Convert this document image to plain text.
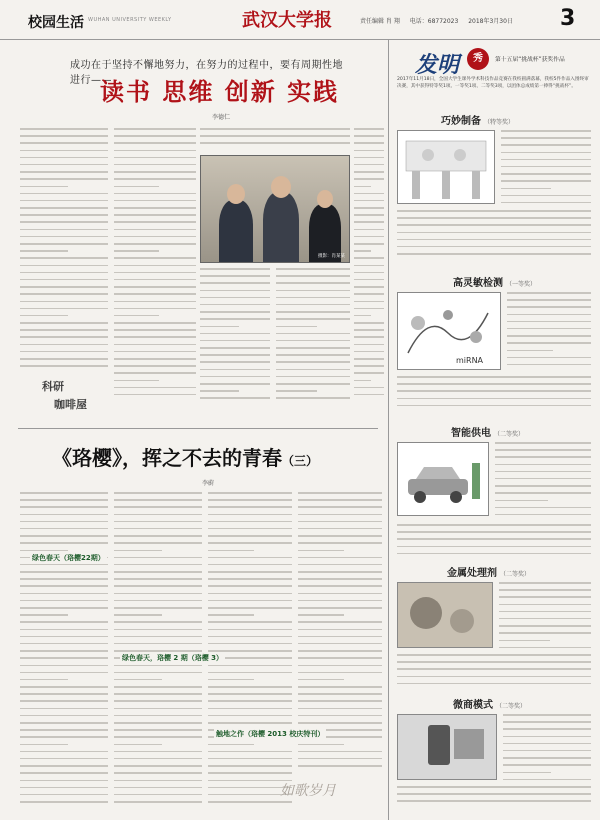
校园生活 WUHAN UNIVERSITY WEEKLY	武汉大学报	责任编辑 肖 翔 电话：68772023 2018年3月30日	3
成功在于坚持不懈地努力，在努力的过程中，要有周期性地进行——
读书 思维 创新 实践
李德仁
摄影：肖某某
科研
咖啡屋
《珞樱》，挥之不去的青春（三）
李蔚
绿色春天（珞樱22期）
绿色春天，珞樱 2 期（珞樱 3）
触地之作（珞樱 2013 校庆特刊）
如歌岁月
发明	秀	第十五届“挑战杯”获奖作品
2017年11月18日，全国大学生课外学术科技作品竞赛在我校圆满落幕，我校5件作品入围终审决赛，其中获得特等奖1项、一等奖1项、二等奖3项，以团体总成绩第一捧得“挑战杯”。
巧妙制备 （特等奖）
高灵敏检测 （一等奖）
miRNA
智能供电 （二等奖）
金属处理剂 （二等奖）
微商模式 （二等奖）
